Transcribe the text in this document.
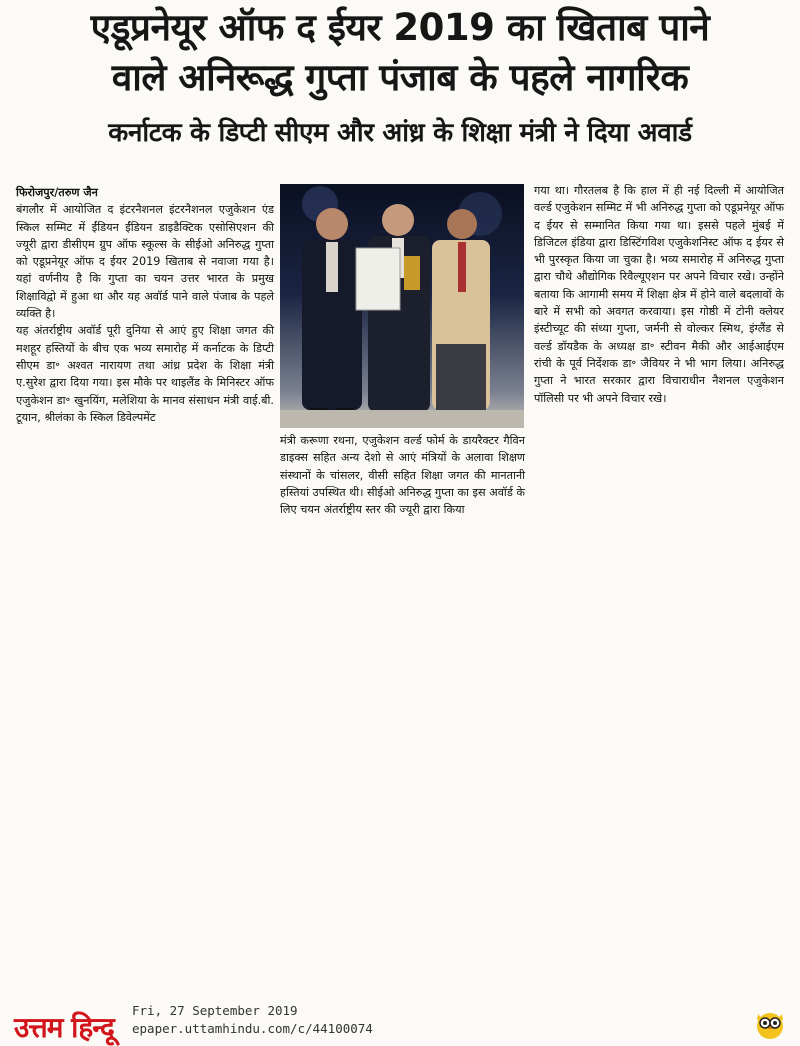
एडूप्रनेयूर ऑफ द ईयर 2019 का खिताब पाने
वाले अनिरूद्ध गुप्ता पंजाब के पहले नागरिक
कर्नाटक के डिप्टी सीएम और आंध्र के शिक्षा मंत्री ने दिया अवार्ड

फिरोजपुर/तरुण जैन

बंगलौर में आयोजित द इंटरनैशनल इंटरनैशनल एजुकेशन एंड स्किल सम्मिट में ईंडियन ईंडियन डाइडैक्टिक एसोसिएशन की ज्यूरी द्वारा डीसीएम ग्रुप ऑफ स्कूल्स के सीईओ अनिरुद्ध गुप्ता को एडूप्रनेयूर ऑफ द ईयर 2019 खिताब से नवाजा गया है। यहां वर्णनीय है कि गुप्ता का चयन उत्तर भारत के प्रमुख शिक्षाविद्वो में हुआ था और यह अवॉर्ड पाने वाले पंजाब के पहले व्यक्ति है।

यह अंतर्राष्ट्रीय अवॉर्ड पूरी दुनिया से आएं हुए शिक्षा जगत की मशहूर हस्तियों के बीच एक भव्य समारोह में कर्नाटक के डिप्टी सीएम डा॰ अश्वत नारायण तथा आंध्र प्रदेश के शिक्षा मंत्री ए.सुरेश द्वारा दिया गया। इस मौके पर थाइलैंड के मिनिस्टर ऑफ एजुकेशन डा॰ खुनयिंग, मलेशिया के मानव संसाधन मंत्री वाई.बी. टूयान, श्रीलंका के स्किल डिवेल्पमेंट

मंत्री करूणा रथना, एजुकेशन वर्ल्ड फोर्म के डायरैक्टर गैविन डाइक्स सहित अन्य देशो से आएं मंत्रियों के अलावा शिक्षण संस्थानों के चांसलर, वीसी सहित शिक्षा जगत की मानतानी हस्तियां उपस्थित थी। सीईओ अनिरुद्ध गुप्ता का इस अवॉर्ड के लिए चयन अंतर्राष्ट्रीय स्तर की ज्यूरी द्वारा किया

गया था। गौरतलब है कि हाल में ही नई दिल्ली में आयोजित वर्ल्ड एजुकेशन सम्मिट में भी अनिरुद्ध गुप्ता को एडूप्रनेयूर ऑफ द ईयर से सम्मानित किया गया था। इससे पहले मुंबई में डिजिटल इंडिया द्वारा डिस्टिंगविश एजुकेशनिस्ट ऑफ द ईयर से भी पुरस्कृत किया जा चुका है। भव्य समारोह में अनिरुद्ध गुप्ता द्वारा चौथे औद्योगिक रिवैल्यूएशन पर अपने विचार रखे। उन्होंने बताया कि आगामी समय में शिक्षा क्षेत्र में होने वाले बदलावों के बारे में सभी को अवगत करवाया। इस गोष्ठी में टोनी क्लेयर इंस्टीच्यूट की संध्या गुप्ता, जर्मनी से वोल्कर स्मिथ, इंग्लैंड से वर्ल्ड डॉयडैक के अध्यक्ष डा॰ स्टीवन मैकी और आईआईएम रांची के पूर्व निर्देशक डा॰ जैवियर ने भी भाग लिया। अनिरुद्ध गुप्ता ने भारत सरकार द्वारा विचाराधीन नैशनल एजुकेशन पॉलिसी पर भी अपने विचार रखे।

उत्तम हिन्दू
Fri, 27 September 2019
epaper.uttamhindu.com/c/44100074
